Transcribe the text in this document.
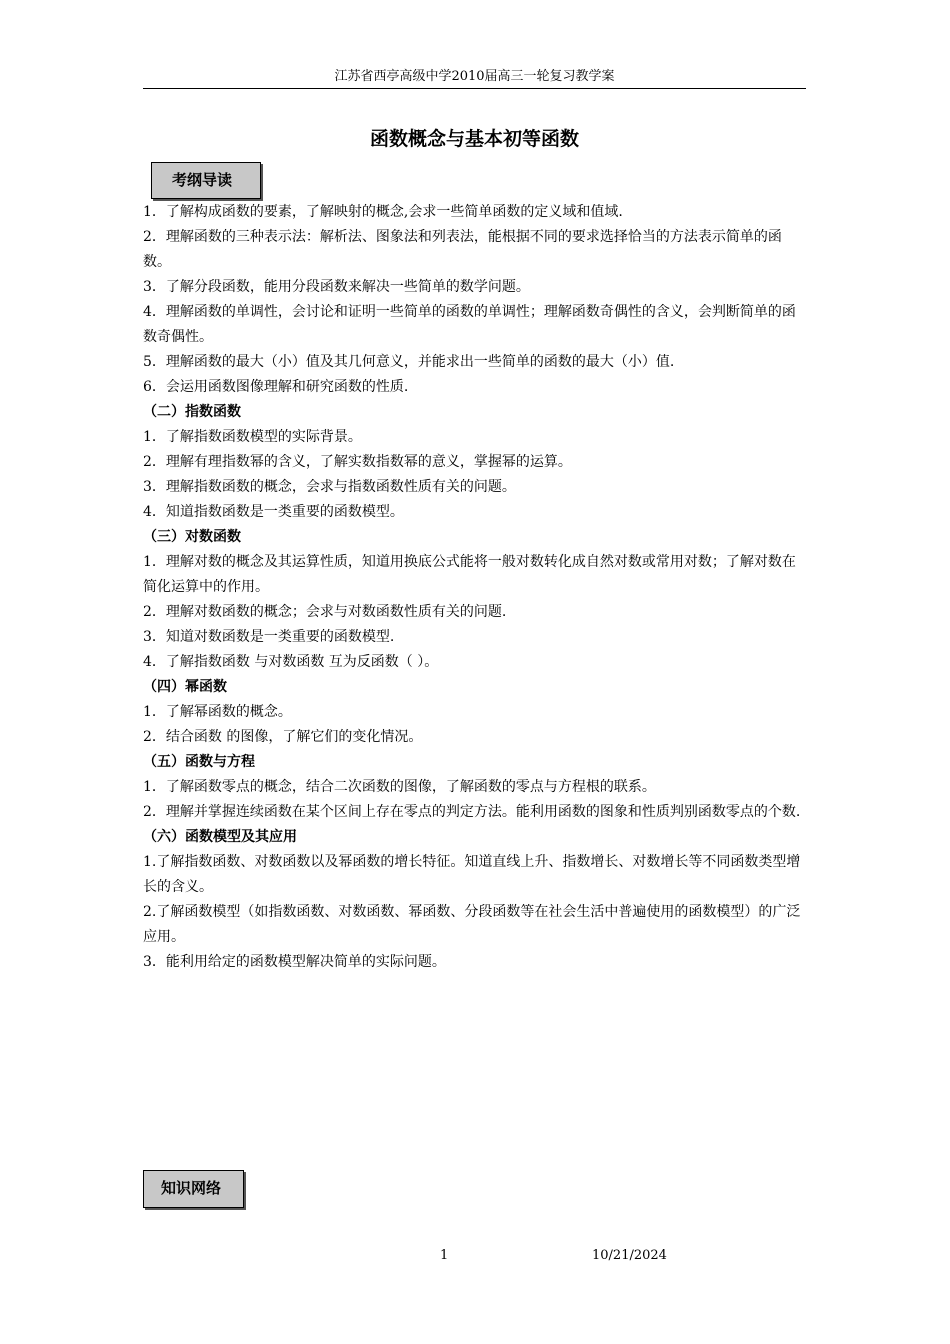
江苏省西亭高级中学2010届高三一轮复习教学案
函数概念与基本初等函数
考纲导读

1．了解构成函数的要素，了解映射的概念,会求一些简单函数的定义域和值域.

2．理解函数的三种表示法：解析法、图象法和列表法，能根据不同的要求选择恰当的方法表示简单的函数。

3．了解分段函数，能用分段函数来解决一些简单的数学问题。

4．理解函数的单调性，会讨论和证明一些简单的函数的单调性；理解函数奇偶性的含义，会判断简单的函数奇偶性。

5．理解函数的最大（小）值及其几何意义，并能求出一些简单的函数的最大（小）值.

6．会运用函数图像理解和研究函数的性质.

（二）指数函数

1．了解指数函数模型的实际背景。

2．理解有理指数幂的含义，了解实数指数幂的意义，掌握幂的运算。

3．理解指数函数的概念，会求与指数函数性质有关的问题。

4．知道指数函数是一类重要的函数模型。

（三）对数函数

1．理解对数的概念及其运算性质，知道用换底公式能将一般对数转化成自然对数或常用对数；了解对数在简化运算中的作用。

2．理解对数函数的概念；会求与对数函数性质有关的问题.

3．知道对数函数是一类重要的函数模型.

4．了解指数函数 与对数函数 互为反函数（ ）。

（四）幂函数

1．了解幂函数的概念。

2．结合函数 的图像，了解它们的变化情况。

（五）函数与方程

1．了解函数零点的概念，结合二次函数的图像，了解函数的零点与方程根的联系。

2．理解并掌握连续函数在某个区间上存在零点的判定方法。能利用函数的图象和性质判别函数零点的个数.

（六）函数模型及其应用

1.了解指数函数、对数函数以及幂函数的增长特征。知道直线上升、指数增长、对数增长等不同函数类型增长的含义。

2.了解函数模型（如指数函数、对数函数、幂函数、分段函数等在社会生活中普遍使用的函数模型）的广泛应用。

3．能利用给定的函数模型解决简单的实际问题。

知识网络
1	10/21/2024
